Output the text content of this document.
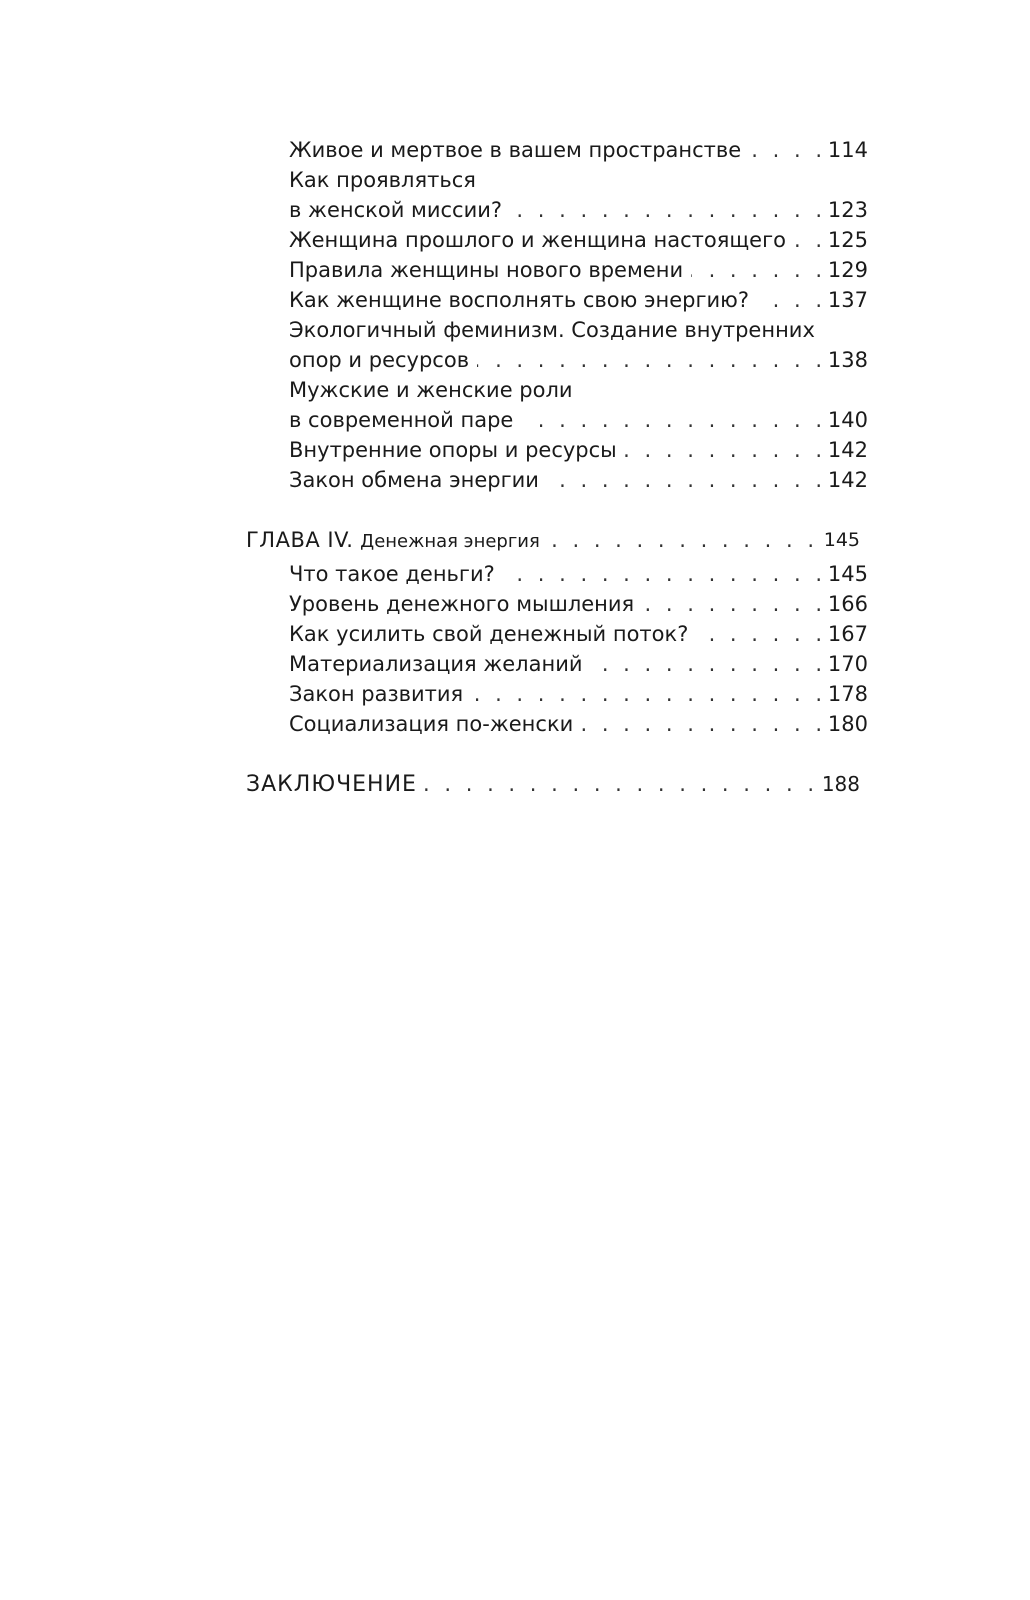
. . .
Живое и мертвое в вашем пространстве	114
Как проявляться
. . .
в женской миссии?	123
. . .
Женщина прошлого и женщина настоящего 125
. . .
Правила женщины нового времени	129
. . .
Как женщине восполнять свою энергию?	137
Экологичный феминизм. Создание внутренних
. . .
опор и ресурсов	138
Мужские и женские роли
. . .
в современной паре	140
. . .
Внутренние опоры и ресурсы	142
. . .
Закон обмена энергии	142
. . .
ГЛАВА IV. Денежная энергия	145
. . .
Что такое деньги?	145
. . .
Уровень денежного мышления	166
. . .
Как усилить свой денежный поток?	167
. . .
Материализация желаний	170
. . .
Закон развития	178
. . .
Социализация по-женски	180
. . .
ЗАКЛЮЧЕНИЕ	188
